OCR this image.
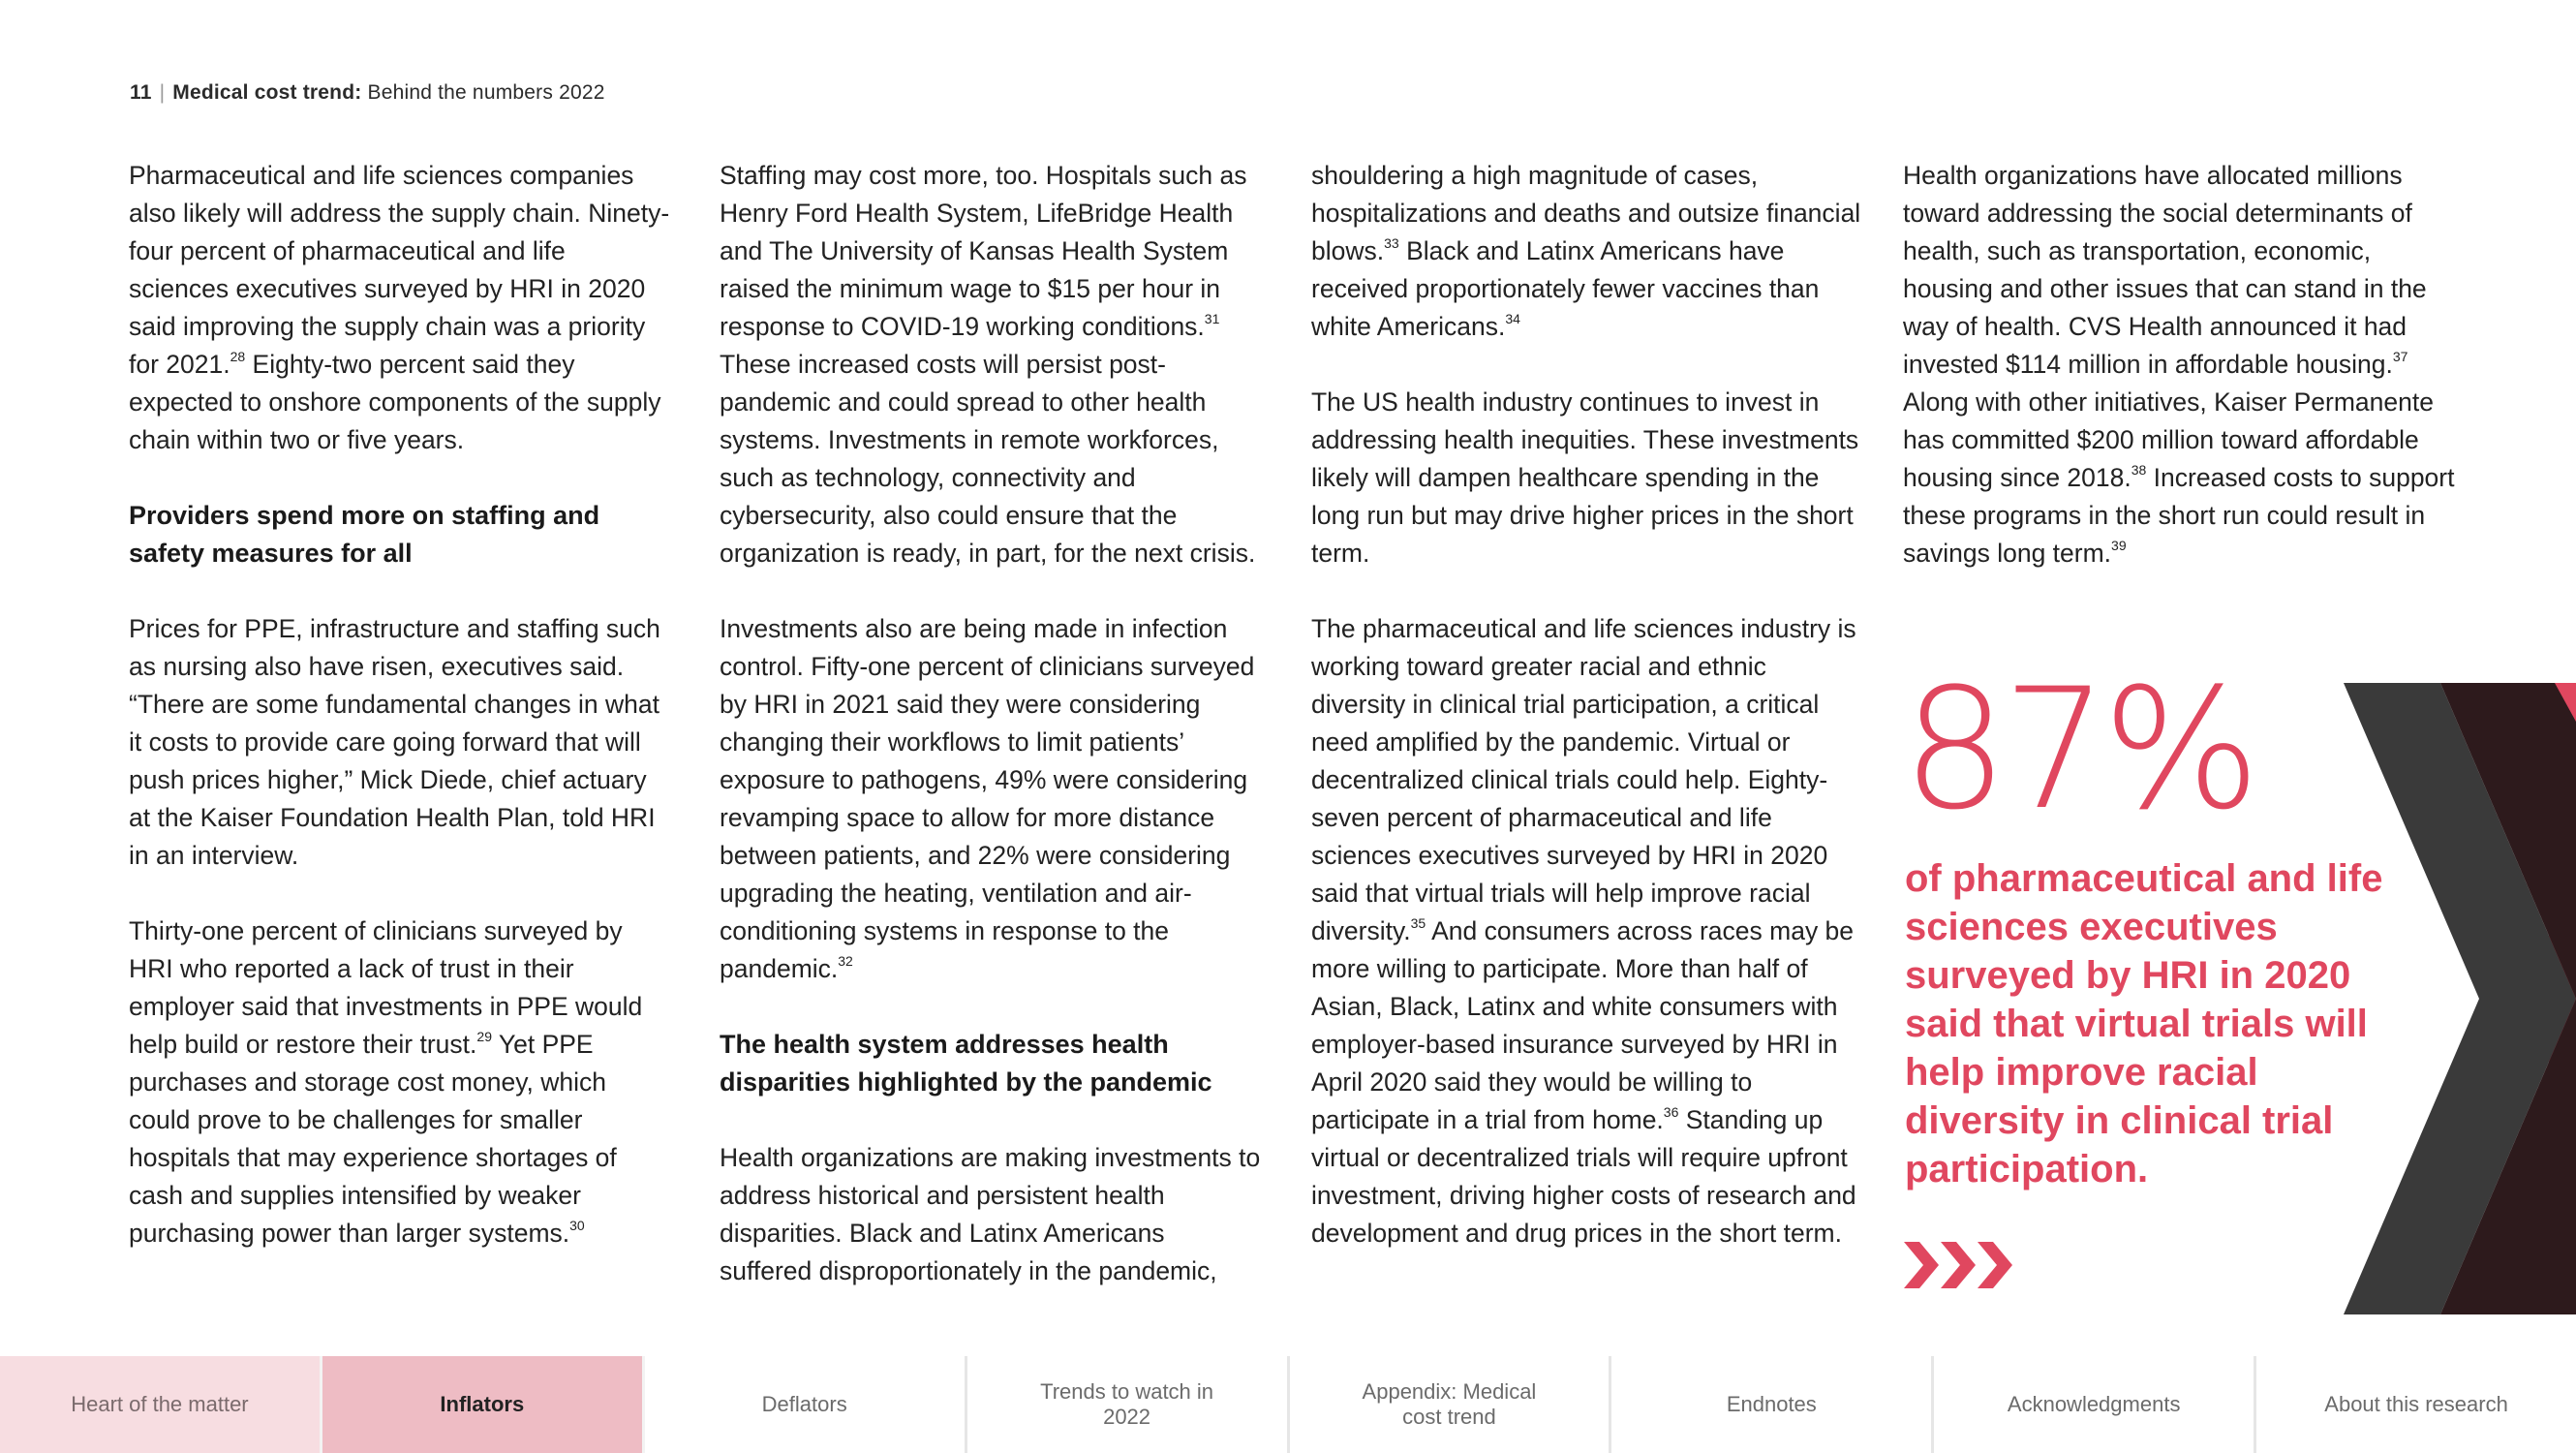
11 | Medical cost trend: Behind the numbers 2022

Pharmaceutical and life sciences companies also likely will address the supply chain. Ninety-four percent of pharmaceutical and life sciences executives surveyed by HRI in 2020 said improving the supply chain was a priority for 2021.28 Eighty-two percent said they expected to onshore components of the supply chain within two or five years.

Providers spend more on staffing and safety measures for all

Prices for PPE, infrastructure and staffing such as nursing also have risen, executives said. “There are some fundamental changes in what it costs to provide care going forward that will push prices higher,” Mick Diede, chief actuary at the Kaiser Foundation Health Plan, told HRI in an interview.

Thirty-one percent of clinicians surveyed by HRI who reported a lack of trust in their employer said that investments in PPE would help build or restore their trust.$^{29}$ Yet PPE purchases and storage cost money, which could prove to be challenges for smaller hospitals that may experience shortages of cash and supplies intensified by weaker purchasing power than larger systems.$^{30}$

Staffing may cost more, too. Hospitals such as Henry Ford Health System, LifeBridge Health and The University of Kansas Health System raised the minimum wage to $15 per hour in response to COVID-19 working conditions.$^{31}$ These increased costs will persist post-pandemic and could spread to other health systems. Investments in remote workforces, such as technology, connectivity and cybersecurity, also could ensure that the organization is ready, in part, for the next crisis.

Investments also are being made in infection control. Fifty-one percent of clinicians surveyed by HRI in 2021 said they were considering changing their workflows to limit patients’ exposure to pathogens, 49% were considering revamping space to allow for more distance between patients, and 22% were considering upgrading the heating, ventilation and air-conditioning systems in response to the pandemic.$^{32}$

The health system addresses health disparities highlighted by the pandemic

Health organizations are making investments to address historical and persistent health disparities. Black and Latinx Americans suffered disproportionately in the pandemic,

shouldering a high magnitude of cases, hospitalizations and deaths and outsize financial blows.$^{33}$ Black and Latinx Americans have received proportionately fewer vaccines than white Americans.$^{34}$

The US health industry continues to invest in addressing health inequities. These investments likely will dampen healthcare spending in the long run but may drive higher prices in the short term.

The pharmaceutical and life sciences industry is working toward greater racial and ethnic diversity in clinical trial participation, a critical need amplified by the pandemic. Virtual or decentralized clinical trials could help. Eighty-seven percent of pharmaceutical and life sciences executives surveyed by HRI in 2020 said that virtual trials will help improve racial diversity.$^{35}$ And consumers across races may be more willing to participate. More than half of Asian, Black, Latinx and white consumers with employer-based insurance surveyed by HRI in April 2020 said they would be willing to participate in a trial from home.$^{36}$ Standing up virtual or decentralized trials will require upfront investment, driving higher costs of research and development and drug prices in the short term.

Health organizations have allocated millions toward addressing the social determinants of health, such as transportation, economic, housing and other issues that can stand in the way of health. CVS Health announced it had invested $114 million in affordable housing.$^{37}$ Along with other initiatives, Kaiser Permanente has committed $200 million toward affordable housing since 2018.38 Increased costs to support these programs in the short run could result in savings long term.$^{39}$

87%
of pharmaceutical and life sciences executives surveyed by HRI in 2020 said that virtual trials will help improve racial diversity in clinical trial participation.
Heart of the matter	Inflators	Deflators
Trends to watch in 2022
Appendix: Medical cost trend
Endnotes	Acknowledgments	About this research
